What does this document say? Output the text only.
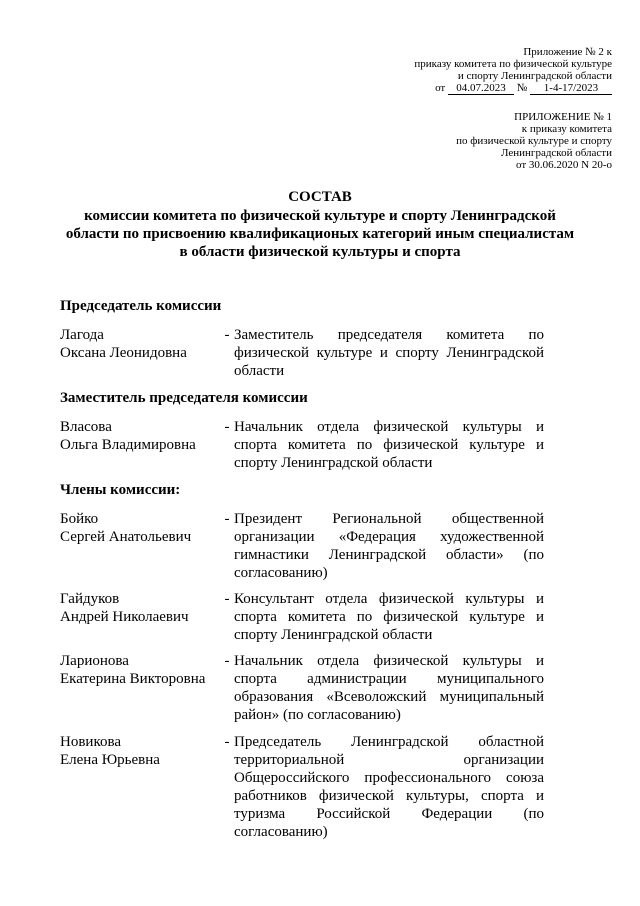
Приложение № 2 к
приказу комитета по физической культуре
и спорту Ленинградской области
от 04.07.2023 № 1-4-17/2023
ПРИЛОЖЕНИЕ № 1
к приказу комитета
по физической культуре и спорту
Ленинградской области
от 30.06.2020 N 20-о
СОСТАВ
комиссии комитета по физической культуре и спорту Ленинградской области по присвоению квалификационых категорий иным специалистам в области физической культуры и спорта
Председатель комиссии
Лагода
Оксана Леонидовна
- Заместитель председателя комитета по физической культуре и спорту Ленинградской области
Заместитель председателя комиссии
Власова
Ольга Владимировна
- Начальник отдела физической культуры и спорта комитета по физической культуре и спорту Ленинградской области
Члены комиссии:
Бойко
Сергей Анатольевич
- Президент Региональной общественной организации «Федерация художественной гимнастики Ленинградской области» (по согласованию)
Гайдуков
Андрей Николаевич
- Консультант отдела физической культуры и спорта комитета по физической культуре и спорту Ленинградской области
Ларионова
Екатерина Викторовна
- Начальник отдела физической культуры и спорта администрации муниципального образования «Всеволожский муниципальный район» (по согласованию)
Новикова
Елена Юрьевна
- Председатель Ленинградской областной территориальной организации Общероссийского профессионального союза работников физической культуры, спорта и туризма Российской Федерации (по согласованию)
